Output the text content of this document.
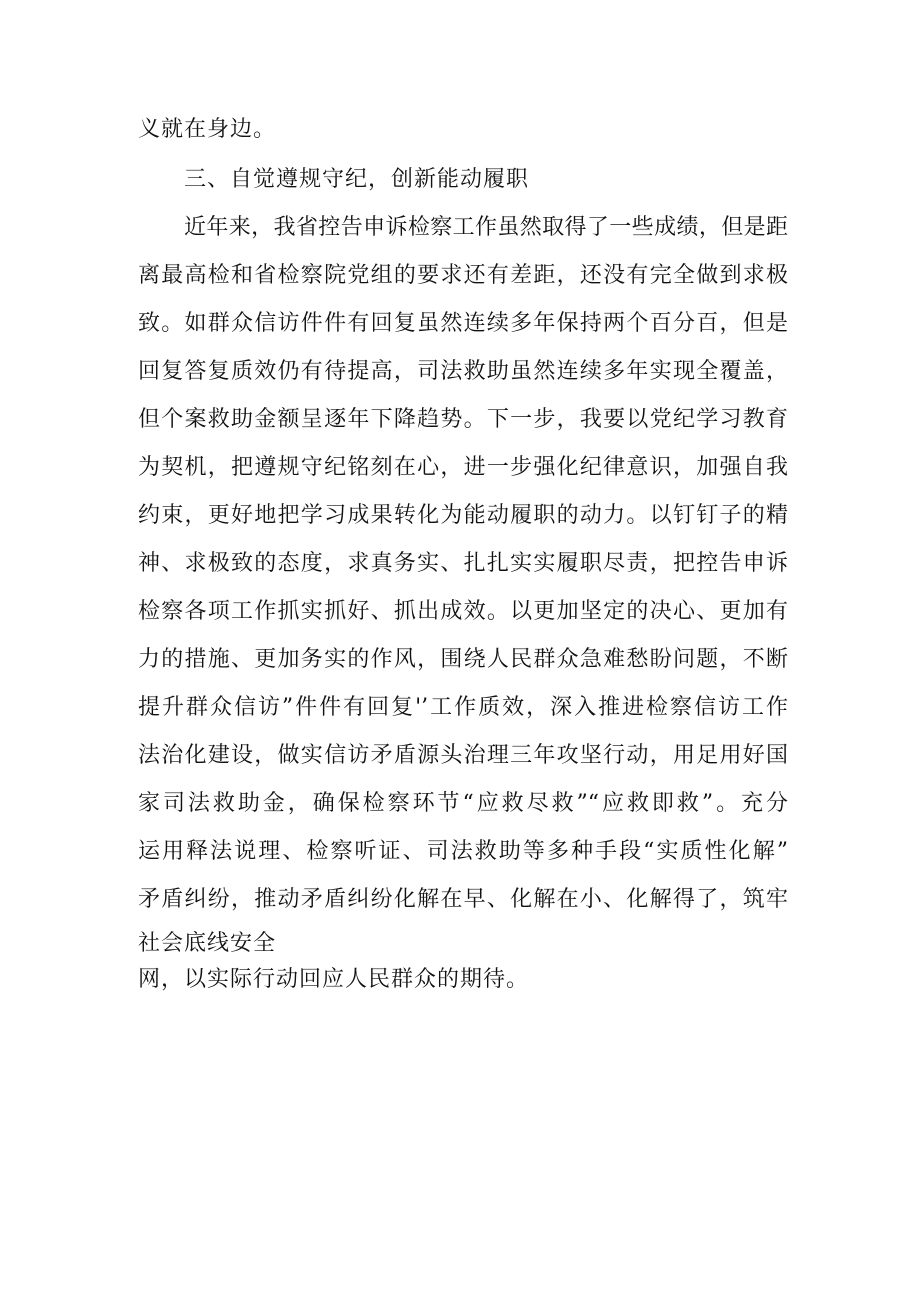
义就在身边。
三、自觉遵规守纪，创新能动履职
近年来，我省控告申诉检察工作虽然取得了一些成绩，但是距
离最高检和省检察院党组的要求还有差距，还没有完全做到求极
致。如群众信访件件有回复虽然连续多年保持两个百分百，但是
回复答复质效仍有待提高，司法救助虽然连续多年实现全覆盖，
但个案救助金额呈逐年下降趋势。下一步，我要以党纪学习教育
为契机，把遵规守纪铭刻在心，进一步强化纪律意识，加强自我
约束，更好地把学习成果转化为能动履职的动力。以钉钉子的精
神、求极致的态度，求真务实、扎扎实实履职尽责，把控告申诉
检察各项工作抓实抓好、抓出成效。以更加坚定的决心、更加有
力的措施、更加务实的作风，围绕人民群众急难愁盼问题，不断
提升群众信访”件件有回复'’工作质效，深入推进检察信访工作
法治化建设，做实信访矛盾源头治理三年攻坚行动，用足用好国
家司法救助金，确保检察环节“应救尽救”“应救即救”。充分
运用释法说理、检察听证、司法救助等多种手段“实质性化解”
矛盾纠纷，推动矛盾纠纷化解在早、化解在小、化解得了，筑牢
社会底线安全
网，以实际行动回应人民群众的期待。
